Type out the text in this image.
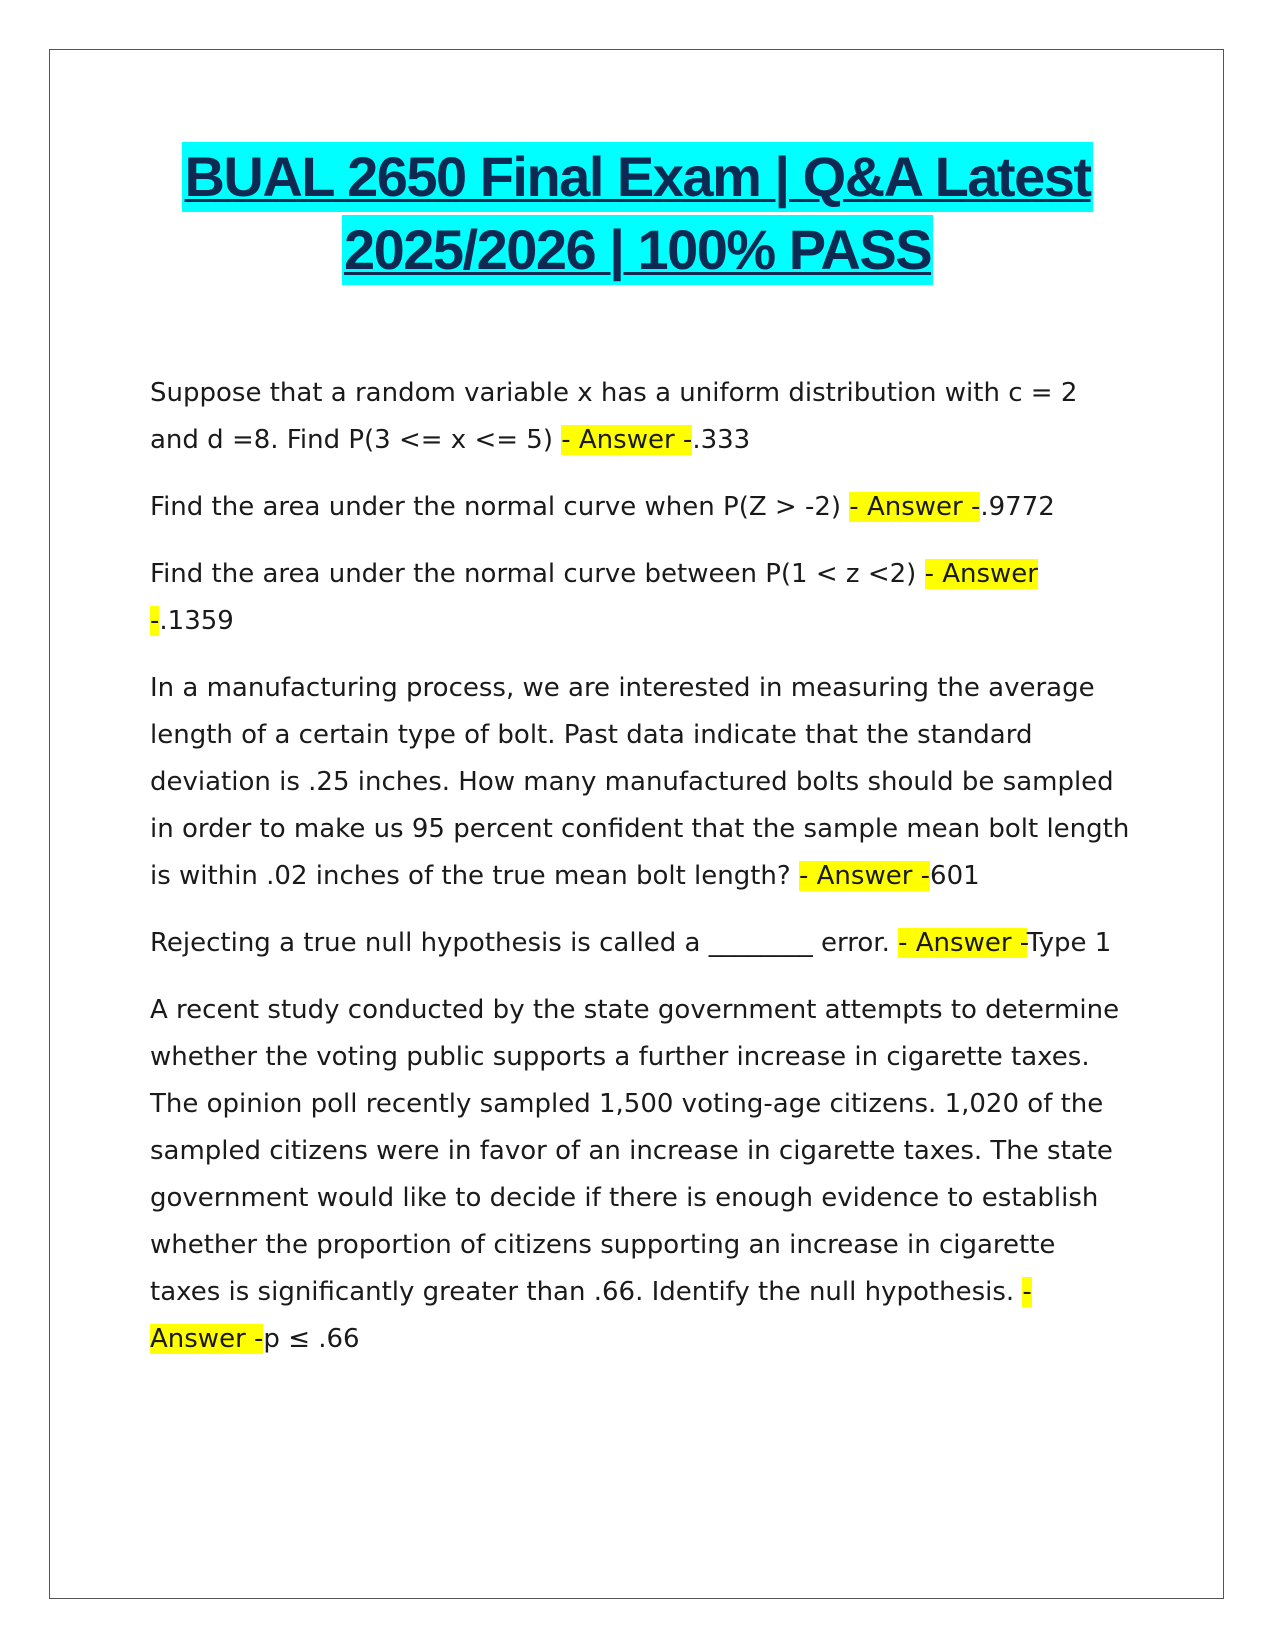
BUAL 2650 Final Exam | Q&A Latest
2025/2026 | 100% PASS

Suppose that a random variable x has a uniform distribution with c = 2 and d =8. Find P(3 <= x <= 5) - Answer -.333

Find the area under the normal curve when P(Z > -2) - Answer -.9772

Find the area under the normal curve between P(1 < z <2) - Answer -.1359

In a manufacturing process, we are interested in measuring the average length of a certain type of bolt. Past data indicate that the standard deviation is .25 inches. How many manufactured bolts should be sampled in order to make us 95 percent confident that the sample mean bolt length is within .02 inches of the true mean bolt length? - Answer -601

Rejecting a true null hypothesis is called a ________ error. - Answer -Type 1

A recent study conducted by the state government attempts to determine whether the voting public supports a further increase in cigarette taxes. The opinion poll recently sampled 1,500 voting-age citizens. 1,020 of the sampled citizens were in favor of an increase in cigarette taxes. The state government would like to decide if there is enough evidence to establish whether the proportion of citizens supporting an increase in cigarette taxes is significantly greater than .66. Identify the null hypothesis. - Answer -p ≤ .66
